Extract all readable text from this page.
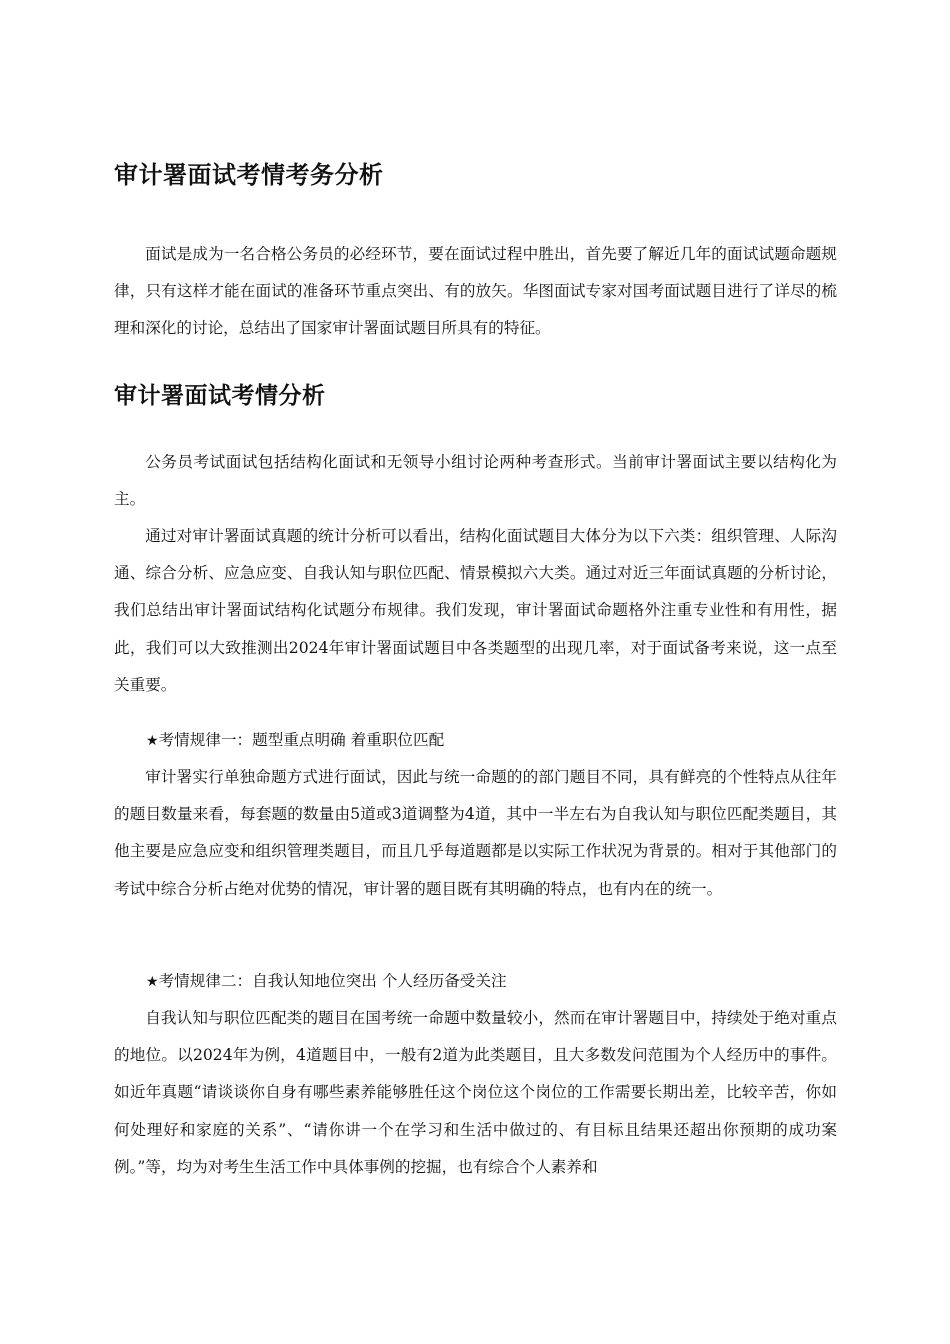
审计署面试考情考务分析

面试是成为一名合格公务员的必经环节，要在面试过程中胜出，首先要了解近几年的面试试题命题规律，只有这样才能在面试的准备环节重点突出、有的放矢。华图面试专家对国考面试题目进行了详尽的梳理和深化的讨论，总结出了国家审计署面试题目所具有的特征。

审计署面试考情分析

公务员考试面试包括结构化面试和无领导小组讨论两种考查形式。当前审计署面试主要以结构化为主。

通过对审计署面试真题的统计分析可以看出，结构化面试题目大体分为以下六类：组织管理、人际沟通、综合分析、应急应变、自我认知与职位匹配、情景模拟六大类。通过对近三年面试真题的分析讨论，我们总结出审计署面试结构化试题分布规律。我们发现，审计署面试命题格外注重专业性和有用性，据此，我们可以大致推测出2024年审计署面试题目中各类题型的出现几率，对于面试备考来说，这一点至关重要。

★考情规律一：题型重点明确 着重职位匹配

审计署实行单独命题方式进行面试，因此与统一命题的的部门题目不同，具有鲜亮的个性特点从往年的题目数量来看，每套题的数量由5道或3道调整为4道，其中一半左右为自我认知与职位匹配类题目，其他主要是应急应变和组织管理类题目，而且几乎每道题都是以实际工作状况为背景的。相对于其他部门的考试中综合分析占绝对优势的情况，审计署的题目既有其明确的特点，也有内在的统一。

★考情规律二：自我认知地位突出 个人经历备受关注

自我认知与职位匹配类的题目在国考统一命题中数量较小，然而在审计署题目中，持续处于绝对重点的地位。以2024年为例，4道题目中，一般有2道为此类题目，且大多数发问范围为个人经历中的事件。如近年真题“请谈谈你自身有哪些素养能够胜任这个岗位这个岗位的工作需要长期出差，比较辛苦，你如何处理好和家庭的关系”、“请你讲一个在学习和生活中做过的、有目标且结果还超出你预期的成功案例。”等，均为对考生生活工作中具体事例的挖掘，也有综合个人素养和
